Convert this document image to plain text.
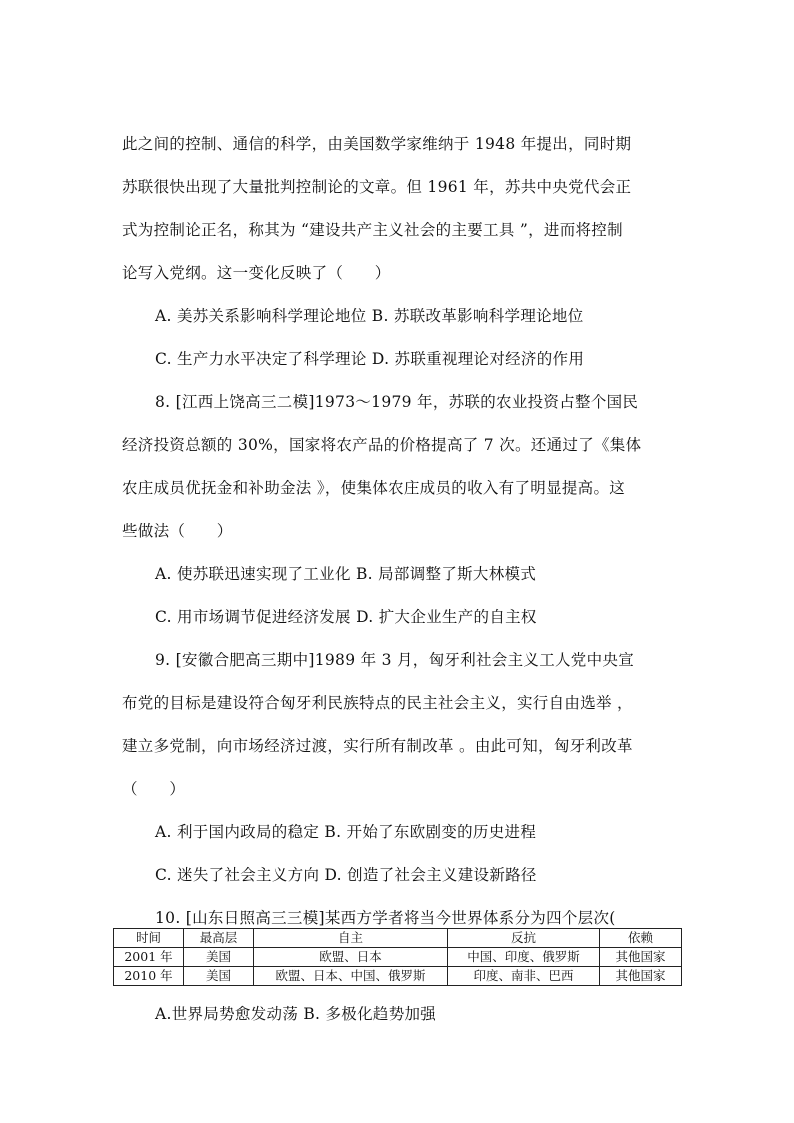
此之间的控制、通信的科学，由美国数学家维纳于 1948 年提出，同时期
苏联很快出现了大量批判控制论的文章。但 1961 年，苏共中央党代会正
式为控制论正名，称其为 “建设共产主义社会的主要工具 ”，进而将控制
论写入党纲。这一变化反映了（　　）
A. 美苏关系影响科学理论地位 B. 苏联改革影响科学理论地位
C. 生产力水平决定了科学理论 D. 苏联重视理论对经济的作用
8. [江西上饶高三二模]1973～1979 年，苏联的农业投资占整个国民
经济投资总额的 30%，国家将农产品的价格提高了 7 次。还通过了《集体
农庄成员优抚金和补助金法 》，使集体农庄成员的收入有了明显提高。这
些做法（　　）
A. 使苏联迅速实现了工业化 B. 局部调整了斯大林模式
C. 用市场调节促进经济发展 D. 扩大企业生产的自主权
9. [安徽合肥高三期中]1989 年 3 月，匈牙利社会主义工人党中央宣
布党的目标是建设符合匈牙利民族特点的民主社会主义，实行自由选举 ，
建立多党制，向市场经济过渡，实行所有制改革 。由此可知，匈牙利改革
（　　）
A. 利于国内政局的稳定 B. 开始了东欧剧变的历史进程
C. 迷失了社会主义方向 D. 创造了社会主义建设新路径
10. [山东日照高三三模]某西方学者将当今世界体系分为四个层次(
时间	最高层	自主	反抗	依赖
2001 年	美国	欧盟、日本	中国、印度、俄罗斯	其他国家
2010 年	美国	欧盟、日本、中国、俄罗斯	印度、南非、巴西	其他国家
A.世界局势愈发动荡 B. 多极化趋势加强
